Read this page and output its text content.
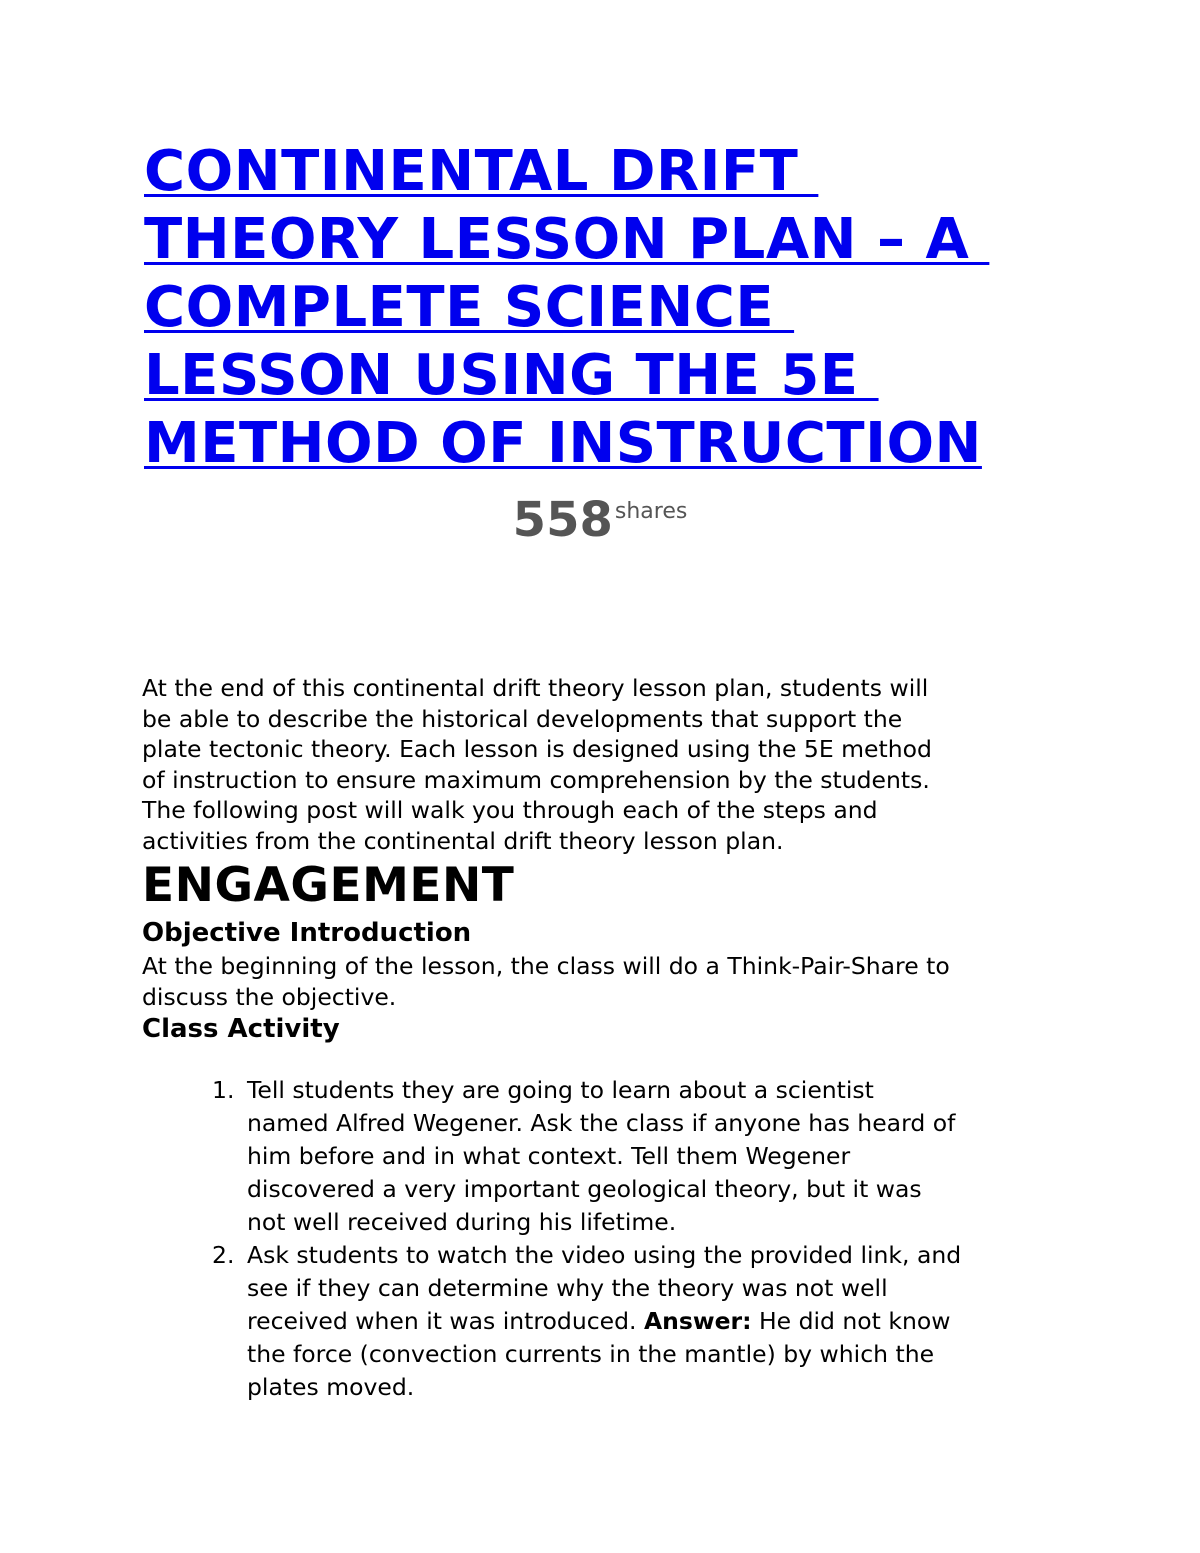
CONTINENTAL DRIFT
THEORY LESSON PLAN – A
COMPLETE SCIENCE
LESSON USING THE 5E
METHOD OF INSTRUCTION
558shares
At the end of this continental drift theory lesson plan, students will
be able to describe the historical developments that support the
plate tectonic theory. Each lesson is designed using the 5E method
of instruction to ensure maximum comprehension by the students.
The following post will walk you through each of the steps and
activities from the continental drift theory lesson plan.
ENGAGEMENT
Objective Introduction
At the beginning of the lesson, the class will do a Think-Pair-Share to
discuss the objective.
Class Activity
1. Tell students they are going to learn about a scientist
named Alfred Wegener. Ask the class if anyone has heard of
him before and in what context. Tell them Wegener
discovered a very important geological theory, but it was
not well received during his lifetime.
2. Ask students to watch the video using the provided link, and
see if they can determine why the theory was not well
received when it was introduced. Answer: He did not know
the force (convection currents in the mantle) by which the
plates moved.
